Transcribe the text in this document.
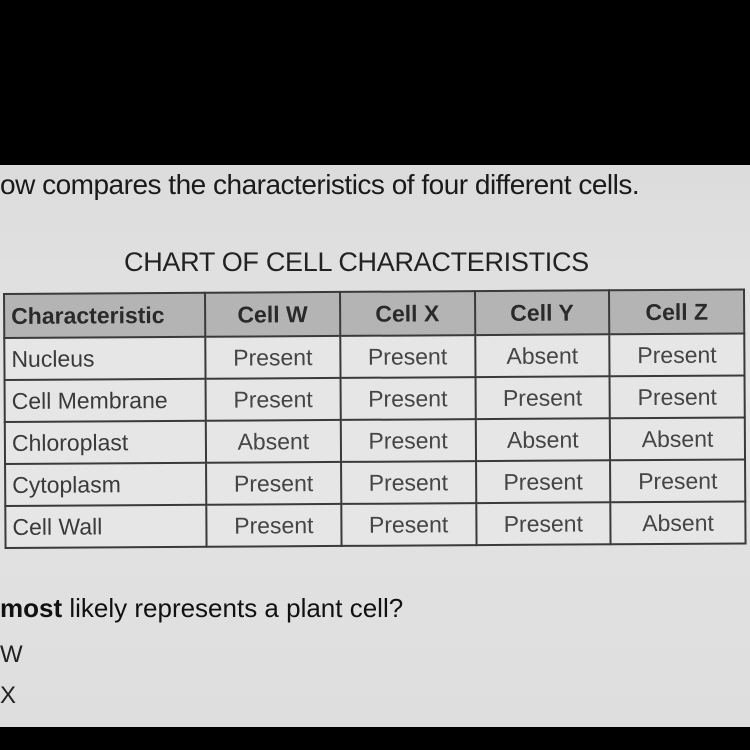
ow compares the characteristics of four different cells.
CHART OF CELL CHARACTERISTICS
Characteristic	Cell W	Cell X	Cell Y	Cell Z
Nucleus	Present	Present	Absent	Present
Cell Membrane	Present	Present	Present	Present
Chloroplast	Absent	Present	Absent	Absent
Cytoplasm	Present	Present	Present	Present
Cell Wall	Present	Present	Present	Absent
most likely represents a plant cell?
W
X
